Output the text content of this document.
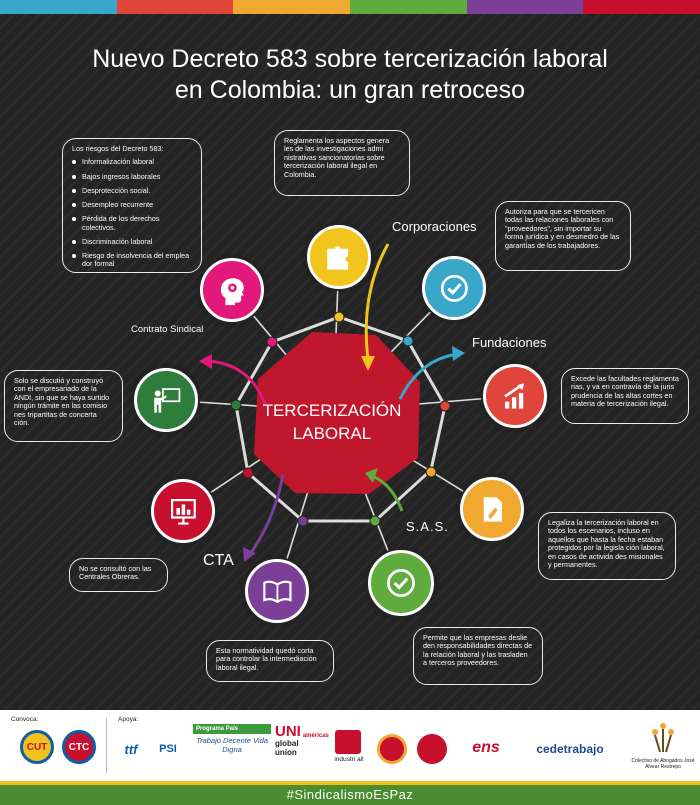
Nuevo Decreto 583 sobre tercerización laboral
en Colombia: un gran retroceso
TERCERIZACIÓN
LABORAL
Corporaciones
Fundaciones
S.A.S.
CTA
Contrato Sindical
Los riesgos del Decreto 583:
Informalización laboral
Bajos ingresos laborales
Desprotección social.
Desempleo recurrente
Pérdida de los derechos colectivos.
Discriminación laboral
Riesgo de insolvencia del emplea dor formal
Reglamenta los aspectos genera les de las investigaciones admi nistrativas sancionatorias sobre tercerización laboral ilegal en Colombia.
Autoriza para que se tercericen todas las relaciones laborales con "proveedores", sin importar su forma jurídica y en desmedro de las garantías de los trabajadores.
Excede las facultades reglamenta rias, y va en contravía de la juris prudencia de las altas cortes en materia de tercerización ilegal.
Legaliza la tercerización laboral en todos los escenarios, incluso en aquellos que hasta la fecha estaban protegidos por la legisla ción laboral, en casos de activida des misionales y permanentes.
Permite que las empresas deslie den responsabilidades directas de la relación laboral y las trasladen a terceros proveedores.
Esta normatividad quedó corta para controlar la intermediación laboral ilegal.
No se consultó con las Centrales Obreras.
Solo se discutió y construyó con el empresariado de la ANDI, sin que se haya surtido ningún trámite en las comisio nes tripartitas de concerta ción.
Convoca:	Apoya:
CUT CTC	ttf PSI
Programa País
Trabajo Decente Vida Digna
UNI américas
global union
industri all
ens	cedetrabajo
Colectivo de Abogados José Alvear Restrepo
#SindicalismoEsPaz
